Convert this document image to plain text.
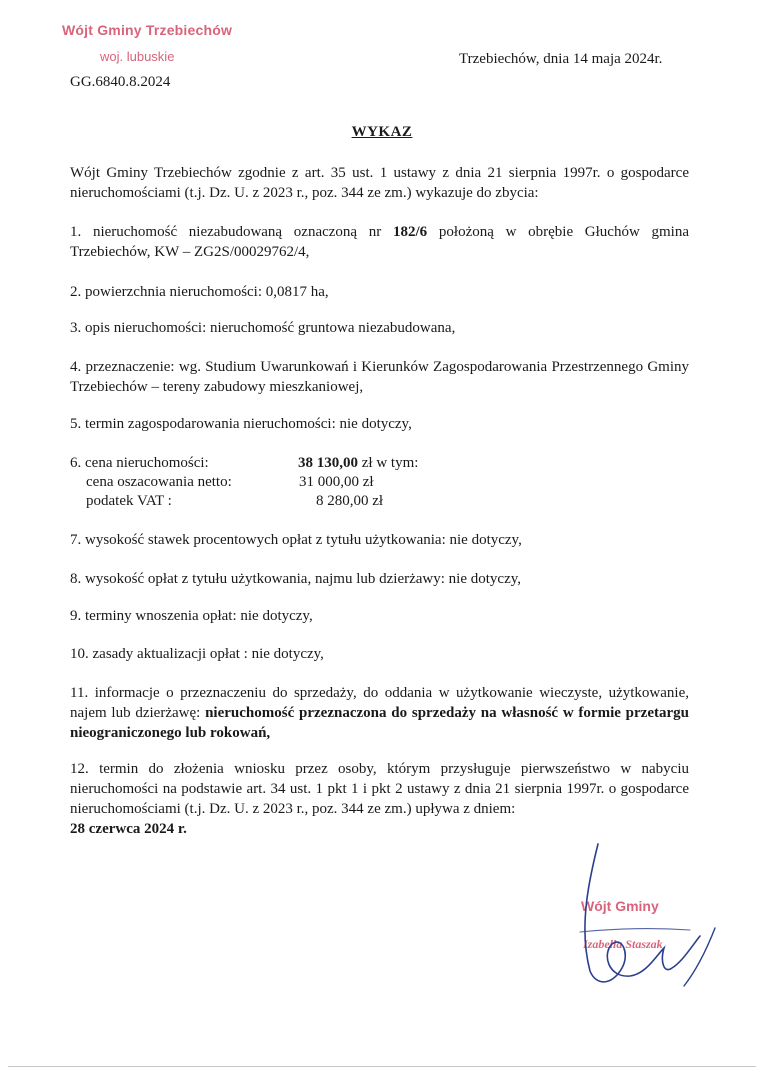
Wójt Gminy Trzebiechów
woj. lubuskie
GG.6840.8.2024
Trzebiechów, dnia 14 maja 2024r.
WYKAZ
Wójt Gminy Trzebiechów zgodnie z art. 35 ust. 1 ustawy z dnia 21 sierpnia 1997r. o gospodarce nieruchomościami (t.j. Dz. U. z 2023 r., poz. 344 ze zm.) wykazuje do zbycia:
1. nieruchomość niezabudowaną oznaczoną nr 182/6 położoną w obrębie Głuchów gmina Trzebiechów, KW – ZG2S/00029762/4,
2. powierzchnia nieruchomości: 0,0817 ha,
3. opis nieruchomości: nieruchomość gruntowa niezabudowana,
4. przeznaczenie: wg. Studium Uwarunkowań i Kierunków Zagospodarowania Przestrzennego Gminy Trzebiechów – tereny zabudowy mieszkaniowej,
5. termin zagospodarowania nieruchomości: nie dotyczy,
6. cena nieruchomości:	38 130,00 zł w tym:
cena oszacowania netto:	31 000,00 zł
podatek VAT :	8 280,00 zł
7. wysokość stawek procentowych opłat z tytułu użytkowania: nie dotyczy,
8. wysokość opłat z tytułu użytkowania, najmu lub dzierżawy: nie dotyczy,
9. terminy wnoszenia opłat: nie dotyczy,
10. zasady aktualizacji opłat : nie dotyczy,
11. informacje o przeznaczeniu do sprzedaży, do oddania w użytkowanie wieczyste, użytkowanie, najem lub dzierżawę: nieruchomość przeznaczona do sprzedaży na własność w formie przetargu nieograniczonego lub rokowań,
12. termin do złożenia wniosku przez osoby, którym przysługuje pierwszeństwo w nabyciu nieruchomości na podstawie art. 34 ust. 1 pkt 1 i pkt 2 ustawy z dnia 21 sierpnia 1997r. o gospodarce nieruchomościami (t.j. Dz. U. z 2023 r., poz. 344 ze zm.) upływa z dniem:
28 czerwca 2024 r.
Wójt Gminy
Izabella Staszak
